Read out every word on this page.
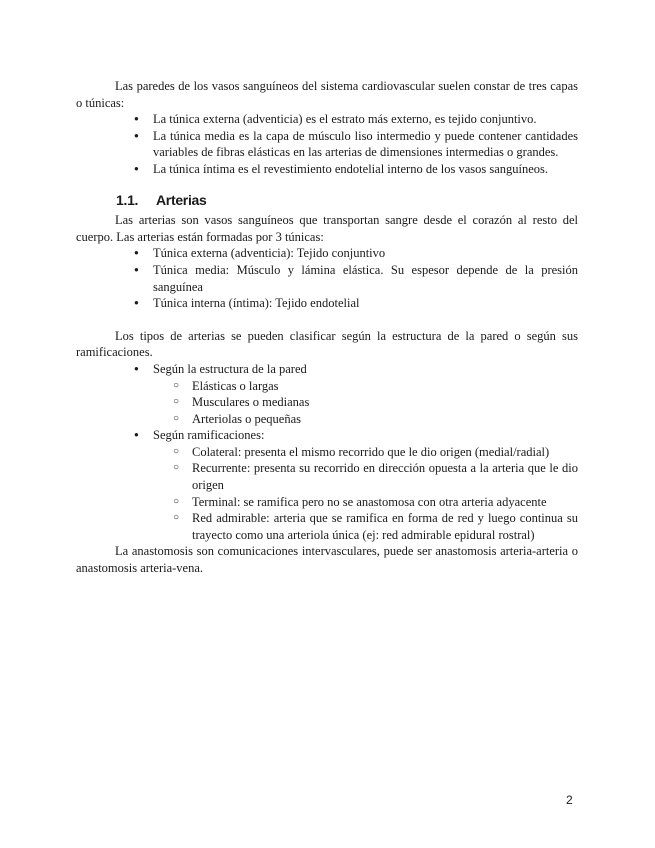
Las paredes de los vasos sanguíneos del sistema cardiovascular suelen constar de tres capas o túnicas:

● La túnica externa (adventicia) es el estrato más externo, es tejido conjuntivo.
● La túnica media es la capa de músculo liso intermedio y puede contener cantidades variables de fibras elásticas en las arterias de dimensiones intermedias o grandes.
● La túnica íntima es el revestimiento endotelial interno de los vasos sanguíneos.
1.1. Arterias

Las arterias son vasos sanguíneos que transportan sangre desde el corazón al resto del cuerpo. Las arterias están formadas por 3 túnicas:

● Túnica externa (adventicia): Tejido conjuntivo
● Túnica media: Músculo y lámina elástica. Su espesor depende de la presión sanguínea
● Túnica interna (íntima): Tejido endotelial

Los tipos de arterias se pueden clasificar según la estructura de la pared o según sus ramificaciones.

● Según la estructura de la pared
○ Elásticas o largas
○ Musculares o medianas
○ Arteriolas o pequeñas
● Según ramificaciones:
○ Colateral: presenta el mismo recorrido que le dio origen (medial/radial)
○ Recurrente: presenta su recorrido en dirección opuesta a la arteria que le dio origen
○ Terminal: se ramifica pero no se anastomosa con otra arteria adyacente
○ Red admirable: arteria que se ramifica en forma de red y luego continua su trayecto como una arteriola única (ej: red admirable epidural rostral)

La anastomosis son comunicaciones intervasculares, puede ser anastomosis arteria-arteria o anastomosis arteria-vena.

2
